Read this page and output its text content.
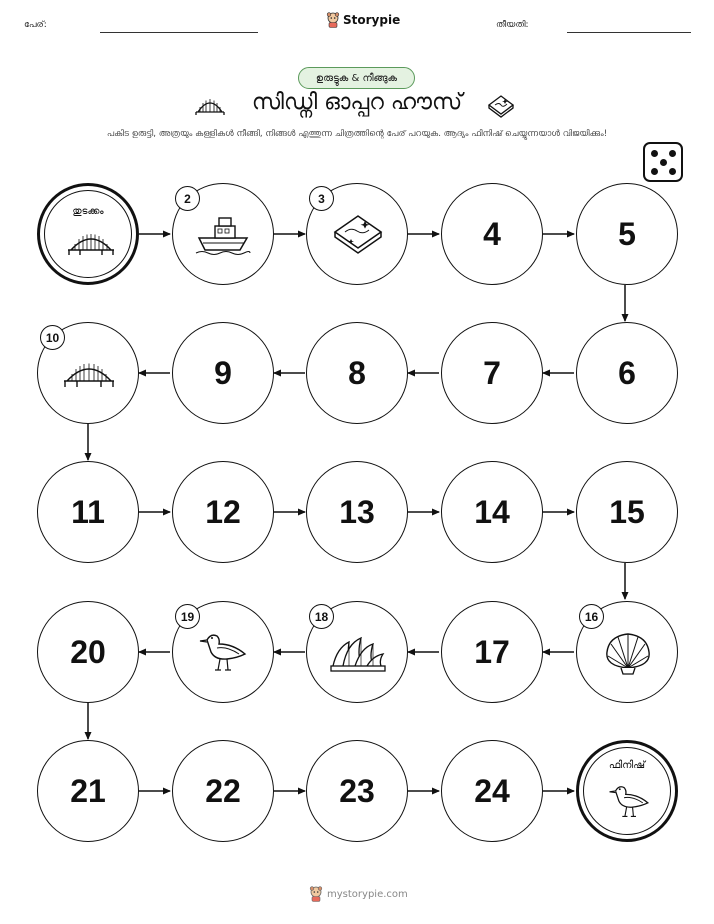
പേര്:	Storypie	തീയതി:
ഉരുട്ടുക & നീങ്ങുക
സിഡ്നി ഓപ്പറ ഹൗസ്
പകിട ഉരുട്ടി, അത്രയും കള്ളികൾ നീങ്ങി, നിങ്ങൾ എത്തുന്ന ചിത്രത്തിന്റെ പേര് പറയുക. ആദ്യം ഫിനിഷ് ചെയ്യുന്നയാൾ വിജയിക്കും!
തുടക്കം
2	3
4	5
10
9	8	7	6
11	12	13	14	15
20
19	18
17
16
21	22	23	24
ഫിനിഷ്
mystorypie.com
